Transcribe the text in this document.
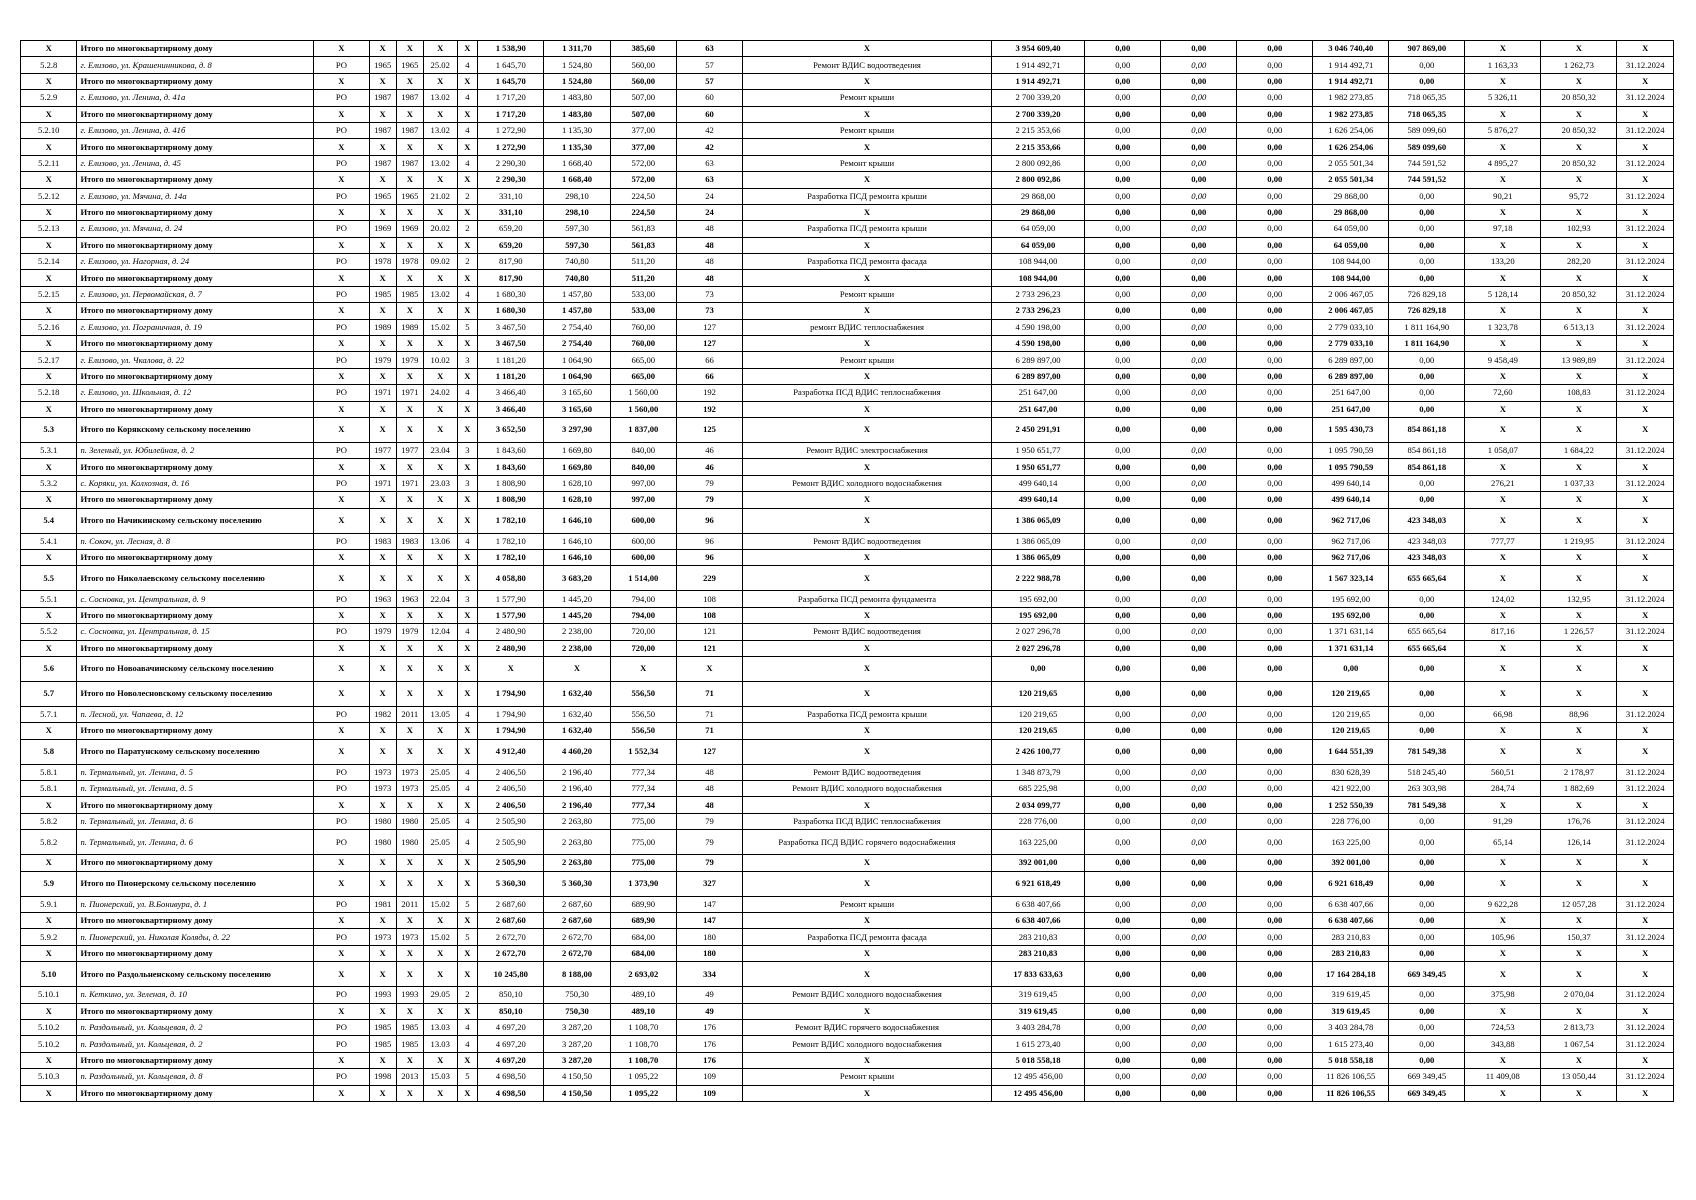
X	Итого по многоквартирному дому	X	X	X	X	X	1 538,90	1 311,70	385,60	63	X	3 954 609,40	0,00	0,00	0,00	3 046 740,40	907 869,00	X	X	X
5.2.8	г. Елизово, ул. Крашенинникова, д. 8	РО	1965	1965	25.02	4	1 645,70	1 524,80	560,00	57	Ремонт ВДИС водоотведения	1 914 492,71	0,00	0,00	0,00	1 914 492,71	0,00	1 163,33	1 262,73	31.12.2024
X	Итого по многоквартирному дому	X	X	X	X	X	1 645,70	1 524,80	560,00	57	X	1 914 492,71	0,00	0,00	0,00	1 914 492,71	0,00	X	X	X
5.2.9	г. Елизово, ул. Ленина, д. 41а	РО	1987	1987	13.02	4	1 717,20	1 483,80	507,00	60	Ремонт крыши	2 700 339,20	0,00	0,00	0,00	1 982 273,85	718 065,35	5 326,11	20 850,32	31.12.2024
X	Итого по многоквартирному дому	X	X	X	X	X	1 717,20	1 483,80	507,00	60	X	2 700 339,20	0,00	0,00	0,00	1 982 273,85	718 065,35	X	X	X
5.2.10	г. Елизово, ул. Ленина, д. 41б	РО	1987	1987	13.02	4	1 272,90	1 135,30	377,00	42	Ремонт крыши	2 215 353,66	0,00	0,00	0,00	1 626 254,06	589 099,60	5 876,27	20 850,32	31.12.2024
X	Итого по многоквартирному дому	X	X	X	X	X	1 272,90	1 135,30	377,00	42	X	2 215 353,66	0,00	0,00	0,00	1 626 254,06	589 099,60	X	X	X
5.2.11	г. Елизово, ул. Ленина, д. 45	РО	1987	1987	13.02	4	2 290,30	1 668,40	572,00	63	Ремонт крыши	2 800 092,86	0,00	0,00	0,00	2 055 501,34	744 591,52	4 895,27	20 850,32	31.12.2024
X	Итого по многоквартирному дому	X	X	X	X	X	2 290,30	1 668,40	572,00	63	X	2 800 092,86	0,00	0,00	0,00	2 055 501,34	744 591,52	X	X	X
5.2.12	г. Елизово, ул. Мячина, д. 14а	РО	1965	1965	21.02	2	331,10	298,10	224,50	24	Разработка ПСД ремонта крыши	29 868,00	0,00	0,00	0,00	29 868,00	0,00	90,21	95,72	31.12.2024
X	Итого по многоквартирному дому	X	X	X	X	X	331,10	298,10	224,50	24	X	29 868,00	0,00	0,00	0,00	29 868,00	0,00	X	X	X
5.2.13	г. Елизово, ул. Мячина, д. 24	РО	1969	1969	20.02	2	659,20	597,30	561,83	48	Разработка ПСД ремонта крыши	64 059,00	0,00	0,00	0,00	64 059,00	0,00	97,18	102,93	31.12.2024
X	Итого по многоквартирному дому	X	X	X	X	X	659,20	597,30	561,83	48	X	64 059,00	0,00	0,00	0,00	64 059,00	0,00	X	X	X
5.2.14	г. Елизово, ул. Нагорная, д. 24	РО	1978	1978	09.02	2	817,90	740,80	511,20	48	Разработка ПСД ремонта фасада	108 944,00	0,00	0,00	0,00	108 944,00	0,00	133,20	282,20	31.12.2024
X	Итого по многоквартирному дому	X	X	X	X	X	817,90	740,80	511,20	48	X	108 944,00	0,00	0,00	0,00	108 944,00	0,00	X	X	X
5.2.15	г. Елизово, ул. Первомайская, д. 7	РО	1985	1985	13.02	4	1 680,30	1 457,80	533,00	73	Ремонт крыши	2 733 296,23	0,00	0,00	0,00	2 006 467,05	726 829,18	5 128,14	20 850,32	31.12.2024
X	Итого по многоквартирному дому	X	X	X	X	X	1 680,30	1 457,80	533,00	73	X	2 733 296,23	0,00	0,00	0,00	2 006 467,05	726 829,18	X	X	X
5.2.16	г. Елизово, ул. Пограничная, д. 19	РО	1989	1989	15.02	5	3 467,50	2 754,40	760,00	127	ремонт ВДИС теплоснабжения	4 590 198,00	0,00	0,00	0,00	2 779 033,10	1 811 164,90	1 323,78	6 513,13	31.12.2024
X	Итого по многоквартирному дому	X	X	X	X	X	3 467,50	2 754,40	760,00	127	X	4 590 198,00	0,00	0,00	0,00	2 779 033,10	1 811 164,90	X	X	X
5.2.17	г. Елизово, ул. Чкалова, д. 22	РО	1979	1979	10.02	3	1 181,20	1 064,90	665,00	66	Ремонт крыши	6 289 897,00	0,00	0,00	0,00	6 289 897,00	0,00	9 458,49	13 989,89	31.12.2024
X	Итого по многоквартирному дому	X	X	X	X	X	1 181,20	1 064,90	665,00	66	X	6 289 897,00	0,00	0,00	0,00	6 289 897,00	0,00	X	X	X
5.2.18	г. Елизово, ул. Школьная, д. 12	РО	1971	1971	24.02	4	3 466,40	3 165,60	1 560,00	192	Разработка ПСД ВДИС теплоснабжения	251 647,00	0,00	0,00	0,00	251 647,00	0,00	72,60	108,83	31.12.2024
X	Итого по многоквартирному дому	X	X	X	X	X	3 466,40	3 165,60	1 560,00	192	X	251 647,00	0,00	0,00	0,00	251 647,00	0,00	X	X	X
5.3	Итого по Корякскому сельскому поселению	X	X	X	X	X	3 652,50	3 297,90	1 837,00	125	X	2 450 291,91	0,00	0,00	0,00	1 595 430,73	854 861,18	X	X	X
5.3.1	п. Зеленый, ул. Юбилейная, д. 2	РО	1977	1977	23.04	3	1 843,60	1 669,80	840,00	46	Ремонт ВДИС электроснабжения	1 950 651,77	0,00	0,00	0,00	1 095 790,59	854 861,18	1 058,07	1 684,22	31.12.2024
X	Итого по многоквартирному дому	X	X	X	X	X	1 843,60	1 669,80	840,00	46	X	1 950 651,77	0,00	0,00	0,00	1 095 790,59	854 861,18	X	X	X
5.3.2	с. Коряки, ул. Колхозная, д. 16	РО	1971	1971	23.03	3	1 808,90	1 628,10	997,00	79	Ремонт ВДИС холодного водоснабжения	499 640,14	0,00	0,00	0,00	499 640,14	0,00	276,21	1 037,33	31.12.2024
X	Итого по многоквартирному дому	X	X	X	X	X	1 808,90	1 628,10	997,00	79	X	499 640,14	0,00	0,00	0,00	499 640,14	0,00	X	X	X
5.4	Итого по Начикинскому сельскому поселению	X	X	X	X	X	1 782,10	1 646,10	600,00	96	X	1 386 065,09	0,00	0,00	0,00	962 717,06	423 348,03	X	X	X
5.4.1	п. Сокоч, ул. Лесная, д. 8	РО	1983	1983	13.06	4	1 782,10	1 646,10	600,00	96	Ремонт ВДИС водоотведения	1 386 065,09	0,00	0,00	0,00	962 717,06	423 348,03	777,77	1 219,95	31.12.2024
X	Итого по многоквартирному дому	X	X	X	X	X	1 782,10	1 646,10	600,00	96	X	1 386 065,09	0,00	0,00	0,00	962 717,06	423 348,03	X	X	X
5.5	Итого по Николаевскому сельскому поселению	X	X	X	X	X	4 058,80	3 683,20	1 514,00	229	X	2 222 988,78	0,00	0,00	0,00	1 567 323,14	655 665,64	X	X	X
5.5.1	с. Сосновка, ул. Центральная, д. 9	РО	1963	1963	22.04	3	1 577,90	1 445,20	794,00	108	Разработка ПСД ремонта фундамента	195 692,00	0,00	0,00	0,00	195 692,00	0,00	124,02	132,95	31.12.2024
X	Итого по многоквартирному дому	X	X	X	X	X	1 577,90	1 445,20	794,00	108	X	195 692,00	0,00	0,00	0,00	195 692,00	0,00	X	X	X
5.5.2	с. Сосновка, ул. Центральная, д. 15	РО	1979	1979	12.04	4	2 480,90	2 238,00	720,00	121	Ремонт ВДИС водоотведения	2 027 296,78	0,00	0,00	0,00	1 371 631,14	655 665,64	817,16	1 226,57	31.12.2024
X	Итого по многоквартирному дому	X	X	X	X	X	2 480,90	2 238,00	720,00	121	X	2 027 296,78	0,00	0,00	0,00	1 371 631,14	655 665,64	X	X	X
5.6	Итого по Новоавачинскому сельскому поселению	X	X	X	X	X	X	X	X	X	X	0,00	0,00	0,00	0,00	0,00	0,00	X	X	X
5.7	Итого по Новолесновскому сельскому поселению	X	X	X	X	X	1 794,90	1 632,40	556,50	71	X	120 219,65	0,00	0,00	0,00	120 219,65	0,00	X	X	X
5.7.1	п. Лесной, ул. Чапаева, д. 12	РО	1982	2011	13.05	4	1 794,90	1 632,40	556,50	71	Разработка ПСД ремонта крыши	120 219,65	0,00	0,00	0,00	120 219,65	0,00	66,98	88,96	31.12.2024
X	Итого по многоквартирному дому	X	X	X	X	X	1 794,90	1 632,40	556,50	71	X	120 219,65	0,00	0,00	0,00	120 219,65	0,00	X	X	X
5.8	Итого по Паратунскому сельскому поселению	X	X	X	X	X	4 912,40	4 460,20	1 552,34	127	X	2 426 100,77	0,00	0,00	0,00	1 644 551,39	781 549,38	X	X	X
5.8.1	п. Термальный, ул. Ленина, д. 5	РО	1973	1973	25.05	4	2 406,50	2 196,40	777,34	48	Ремонт ВДИС водоотведения	1 348 873,79	0,00	0,00	0,00	830 628,39	518 245,40	560,51	2 178,97	31.12.2024
5.8.1	п. Термальный, ул. Ленина, д. 5	РО	1973	1973	25.05	4	2 406,50	2 196,40	777,34	48	Ремонт ВДИС холодного водоснабжения	685 225,98	0,00	0,00	0,00	421 922,00	263 303,98	284,74	1 882,69	31.12.2024
X	Итого по многоквартирному дому	X	X	X	X	X	2 406,50	2 196,40	777,34	48	X	2 034 099,77	0,00	0,00	0,00	1 252 550,39	781 549,38	X	X	X
5.8.2	п. Термальный, ул. Ленина, д. 6	РО	1980	1980	25.05	4	2 505,90	2 263,80	775,00	79	Разработка ПСД ВДИС теплоснабжения	228 776,00	0,00	0,00	0,00	228 776,00	0,00	91,29	176,76	31.12.2024
5.8.2	п. Термальный, ул. Ленина, д. 6	РО	1980	1980	25.05	4	2 505,90	2 263,80	775,00	79	Разработка ПСД ВДИС горячего водоснабжения	163 225,00	0,00	0,00	0,00	163 225,00	0,00	65,14	126,14	31.12.2024
X	Итого по многоквартирному дому	X	X	X	X	X	2 505,90	2 263,80	775,00	79	X	392 001,00	0,00	0,00	0,00	392 001,00	0,00	X	X	X
5.9	Итого по Пионерскому сельскому поселению	X	X	X	X	X	5 360,30	5 360,30	1 373,90	327	X	6 921 618,49	0,00	0,00	0,00	6 921 618,49	0,00	X	X	X
5.9.1	п. Пионерский, ул. В.Бонивура, д. 1	РО	1981	2011	15.02	5	2 687,60	2 687,60	689,90	147	Ремонт крыши	6 638 407,66	0,00	0,00	0,00	6 638 407,66	0,00	9 622,28	12 057,28	31.12.2024
X	Итого по многоквартирному дому	X	X	X	X	X	2 687,60	2 687,60	689,90	147	X	6 638 407,66	0,00	0,00	0,00	6 638 407,66	0,00	X	X	X
5.9.2	п. Пионерский, ул. Николая Коляды, д. 22	РО	1973	1973	15.02	5	2 672,70	2 672,70	684,00	180	Разработка ПСД ремонта фасада	283 210,83	0,00	0,00	0,00	283 210,83	0,00	105,96	150,37	31.12.2024
X	Итого по многоквартирному дому	X	X	X	X	X	2 672,70	2 672,70	684,00	180	X	283 210,83	0,00	0,00	0,00	283 210,83	0,00	X	X	X
5.10	Итого по Раздольненскому сельскому поселению	X	X	X	X	X	10 245,80	8 188,00	2 693,02	334	X	17 833 633,63	0,00	0,00	0,00	17 164 284,18	669 349,45	X	X	X
5.10.1	п. Кеткино, ул. Зеленая, д. 10	РО	1993	1993	29.05	2	850,10	750,30	489,10	49	Ремонт ВДИС холодного водоснабжения	319 619,45	0,00	0,00	0,00	319 619,45	0,00	375,98	2 070,04	31.12.2024
X	Итого по многоквартирному дому	X	X	X	X	X	850,10	750,30	489,10	49	X	319 619,45	0,00	0,00	0,00	319 619,45	0,00	X	X	X
5.10.2	п. Раздольный, ул. Кольцевая, д. 2	РО	1985	1985	13.03	4	4 697,20	3 287,20	1 108,70	176	Ремонт ВДИС горячего водоснабжения	3 403 284,78	0,00	0,00	0,00	3 403 284,78	0,00	724,53	2 813,73	31.12.2024
5.10.2	п. Раздольный, ул. Кольцевая, д. 2	РО	1985	1985	13.03	4	4 697,20	3 287,20	1 108,70	176	Ремонт ВДИС холодного водоснабжения	1 615 273,40	0,00	0,00	0,00	1 615 273,40	0,00	343,88	1 067,54	31.12.2024
X	Итого по многоквартирному дому	X	X	X	X	X	4 697,20	3 287,20	1 108,70	176	X	5 018 558,18	0,00	0,00	0,00	5 018 558,18	0,00	X	X	X
5.10.3	п. Раздольный, ул. Кольцевая, д. 8	РО	1998	2013	15.03	5	4 698,50	4 150,50	1 095,22	109	Ремонт крыши	12 495 456,00	0,00	0,00	0,00	11 826 106,55	669 349,45	11 409,08	13 050,44	31.12.2024
X	Итого по многоквартирному дому	X	X	X	X	X	4 698,50	4 150,50	1 095,22	109	X	12 495 456,00	0,00	0,00	0,00	11 826 106,55	669 349,45	X	X	X
